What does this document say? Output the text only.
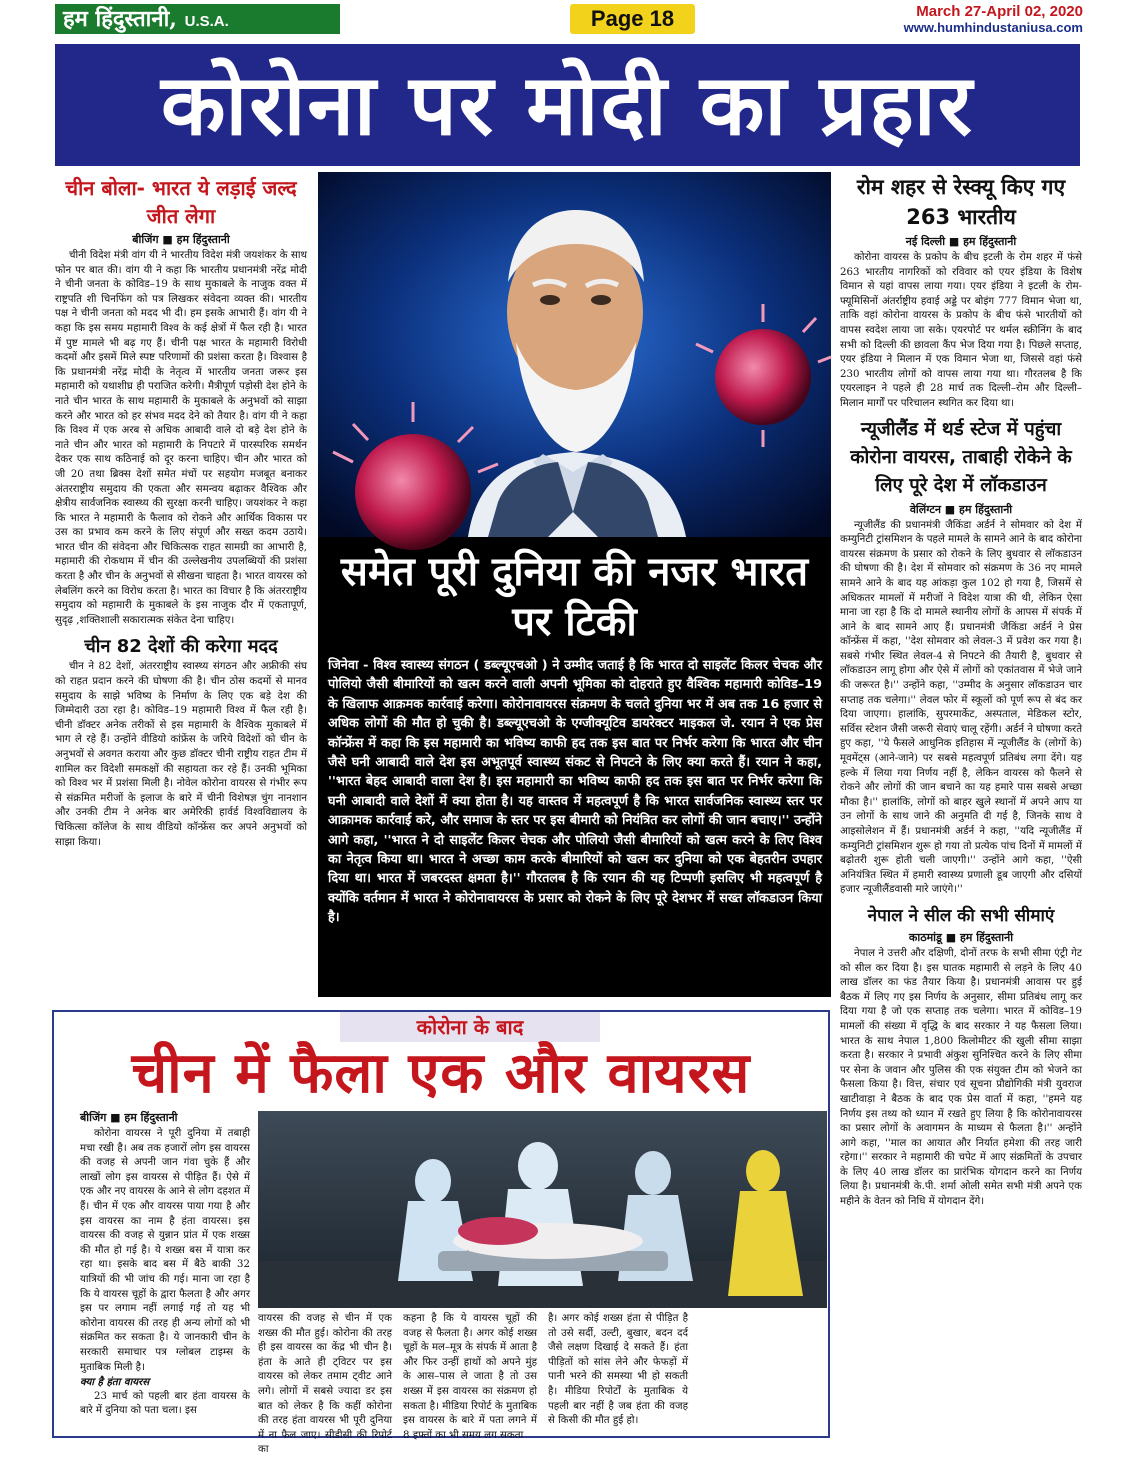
हम हिंदुस्तानी, U.S.A.	Page 18	March 27-April 02, 2020
www.humhindustaniusa.com
कोरोना पर मोदी का प्रहार
चीन बोला- भारत ये लड़ाई जल्द जीत लेगा
बीजिंग ■ हम हिंदुस्तानी
चीनी विदेश मंत्री वांग यी ने भारतीय विदेश मंत्री जयशंकर के साथ फोन पर बात की। वांग यी ने कहा कि भारतीय प्रधानमंत्री नरेंद्र मोदी ने चीनी जनता के कोविड–19 के साथ मुकाबले के नाजुक वक्त में राष्ट्रपति शी चिनफिंग को पत्र लिखकर संवेदना व्यक्त की। भारतीय पक्ष ने चीनी जनता को मदद भी दी। हम इसके आभारी हैं। वांग यी ने कहा कि इस समय महामारी विश्व के कई क्षेत्रों में फैल रही है। भारत में पुष्ट मामले भी बढ़ गए हैं। चीनी पक्ष भारत के महामारी विरोधी कदमों और इसमें मिले स्पष्ट परिणामों की प्रशंसा करता है। विश्वास है कि प्रधानमंत्री नरेंद्र मोदी के नेतृत्व में भारतीय जनता जरूर इस महामारी को यथाशीघ्र ही पराजित करेगी। मैत्रीपूर्ण पड़ोसी देश होने के नाते चीन भारत के साथ महामारी के मुकाबले के अनुभवों को साझा करने और भारत को हर संभव मदद देने को तैयार है। वांग यी ने कहा कि विश्व में एक अरब से अधिक आबादी वाले दो बड़े देश होने के नाते चीन और भारत को महामारी के निपटारे में पारस्परिक समर्थन देकर एक साथ कठिनाई को दूर करना चाहिए। चीन और भारत को जी 20 तथा ब्रिक्स देशों समेत मंचों पर सहयोग मजबूत बनाकर अंतरराष्ट्रीय समुदाय की एकता और समन्वय बढ़ाकर वैश्विक और क्षेत्रीय सार्वजनिक स्वास्थ्य की सुरक्षा करनी चाहिए। जयशंकर ने कहा कि भारत ने महामारी के फैलाव को रोकने और आर्थिक विकास पर उस का प्रभाव कम करने के लिए संपूर्ण और सख्त कदम उठाये। भारत चीन की संवेदना और चिकित्सक राहत सामग्री का आभारी है, महामारी की रोकथाम में चीन की उल्लेखनीय उपलब्धियों की प्रशंसा करता है और चीन के अनुभवों से सीखना चाहता है। भारत वायरस को लेबलिंग करने का विरोध करता है। भारत का विचार है कि अंतरराष्ट्रीय समुदाय को महामारी के मुकाबले के इस नाजुक दौर में एकतापूर्ण, सुदृढ़ ,शक्तिशाली सकारात्मक संकेत देना चाहिए।
चीन 82 देशों की करेगा मदद
चीन ने 82 देशों, अंतरराष्ट्रीय स्वास्थ्य संगठन और अफ्रीकी संघ को राहत प्रदान करने की घोषणा की है। चीन ठोस कदमों से मानव समुदाय के साझे भविष्य के निर्माण के लिए एक बड़े देश की जिम्मेदारी उठा रहा है। कोविड–19 महामारी विश्व में फैल रही है। चीनी डॉक्टर अनेक तरीकों से इस महामारी के वैश्विक मुकाबले में भाग ले रहे हैं। उन्होंने वीडियो कांफ्रेंस के जरिये विदेशों को चीन के अनुभवों से अवगत कराया और कुछ डॉक्टर चीनी राष्ट्रीय राहत टीम में शामिल कर विदेशी समकक्षों की सहायता कर रहे हैं। उनकी भूमिका को विश्व भर में प्रशंसा मिली है। नोवेल कोरोना वायरस से गंभीर रूप से संक्रमित मरीजों के इलाज के बारे में चीनी विशेषज्ञ चुंग नानशान और उनकी टीम ने अनेक बार अमेरिकी हार्वर्ड विश्वविद्यालय के चिकित्सा कॉलेज के साथ वीडियो कॉन्फ्रेंस कर अपने अनुभवों को साझा किया।
समेत पूरी दुनिया की नजर भारत पर टिकी
जिनेवा - विश्व स्वास्थ्य संगठन ( डब्ल्यूएचओ ) ने उम्मीद जताई है कि भारत दो साइलेंट किलर चेचक और पोलियो जैसी बीमारियों को खत्म करने वाली अपनी भूमिका को दोहराते हुए वैश्विक महामारी कोविड–19 के खिलाफ आक्रमक कार्रवाई करेगा। कोरोनावायरस संक्रमण के चलते दुनिया भर में अब तक 16 हजार से अधिक लोगों की मौत हो चुकी है। डब्ल्यूएचओ के एग्जीक्यूटिव डायरेक्टर माइकल जे. रयान ने एक प्रेस कॉन्फ्रेंस में कहा कि इस महामारी का भविष्य काफी हद तक इस बात पर निर्भर करेगा कि भारत और चीन जैसे घनी आबादी वाले देश इस अभूतपूर्व स्वास्थ्य संकट से निपटने के लिए क्या करते हैं। रयान ने कहा, ''भारत बेहद आबादी वाला देश है। इस महामारी का भविष्य काफी हद तक इस बात पर निर्भर करेगा कि घनी आबादी वाले देशों में क्या होता है। यह वास्तव में महत्वपूर्ण है कि भारत सार्वजनिक स्वास्थ्य स्तर पर आक्रामक कार्रवाई करे, और समाज के स्तर पर इस बीमारी को नियंत्रित कर लोगों की जान बचाए।'' उन्होंने आगे कहा, ''भारत ने दो साइलेंट किलर चेचक और पोलियो जैसी बीमारियों को खत्म करने के लिए विश्व का नेतृत्व किया था। भारत ने अच्छा काम करके बीमारियों को खत्म कर दुनिया को एक बेहतरीन उपहार दिया था। भारत में जबरदस्त क्षमता है।'' गौरतलब है कि रयान की यह टिप्पणी इसलिए भी महत्वपूर्ण है क्योंकि वर्तमान में भारत ने कोरोनावायरस के प्रसार को रोकने के लिए पूरे देशभर में सख्त लॉकडाउन किया है।
रोम शहर से रेस्क्यू किए गए 263 भारतीय
नई दिल्ली ■ हम हिंदुस्तानी
कोरोना वायरस के प्रकोप के बीच इटली के रोम शहर में फंसे 263 भारतीय नागरिकों को रविवार को एयर इंडिया के विशेष विमान से यहां वापस लाया गया। एयर इंडिया ने इटली के रोम-फ्यूमिसिनों अंतर्राष्ट्रीय हवाई अड्डे पर बोइंग 777 विमान भेजा था, ताकि वहां कोरोना वायरस के प्रकोप के बीच फंसे भारतीयों को वापस स्वदेश लाया जा सके। एयरपोर्ट पर थर्मल स्क्रीनिंग के बाद सभी को दिल्ली की छावला कैंप भेज दिया गया है। पिछले सप्ताह, एयर इंडिया ने मिलान में एक विमान भेजा था, जिससे वहां फंसे 230 भारतीय लोगों को वापस लाया गया था। गौरतलब है कि एयरलाइन ने पहले ही 28 मार्च तक दिल्ली–रोम और दिल्ली–मिलान मार्गों पर परिचालन स्थगित कर दिया था।
न्यूजीलैंड में थर्ड स्टेज में पहुंचा कोरोना वायरस, ताबाही रोकेने के लिए पूरे देश में लॉकडाउन
वेलिंग्टन ■ हम हिंदुस्तानी
न्यूजीलैंड की प्रधानमंत्री जैकिंडा अर्डर्न ने सोमवार को देश में कम्युनिटी ट्रांसमिशन के पहले मामले के सामने आने के बाद कोरोना वायरस संक्रमण के प्रसार को रोकने के लिए बुधवार से लॉकडाउन की घोषणा की है। देश में सोमवार को संक्रमण के 36 नए मामले सामने आने के बाद यह आंकड़ा कुल 102 हो गया है, जिसमें से अधिकतर मामलों में मरीजों ने विदेश यात्रा की थी, लेकिन ऐसा माना जा रहा है कि दो मामले स्थानीय लोगों के आपस में संपर्क में आने के बाद सामने आए हैं। प्रधानमंत्री जैकिंडा अर्डर्न ने प्रेस कॉन्फ्रेंस में कहा, ''देश सोमवार को लेवल-3 में प्रवेश कर गया है। सबसे गंभीर स्थित लेवल-4 से निपटने की तैयारी है, बुधवार से लॉकडाउन लागू होगा और ऐसे में लोगों को एकांतवास में भेजे जाने की जरूरत है।'' उन्होंने कहा, ''उम्मीद के अनुसार लॉकडाउन चार सप्ताह तक चलेगा।'' लेवल फोर में स्कूलों को पूर्ण रूप से बंद कर दिया जाएगा। हालांकि, सुपरमार्केट, अस्पताल, मेडिकल स्टोर, सर्विस स्टेशन जैसी जरूरी सेवाएं चालू रहेंगी। अर्डर्न ने घोषणा करते हुए कहा, ''ये फैसले आधुनिक इतिहास में न्यूजीलैंड के (लोगों के) मूवमेंट्स (आने-जाने) पर सबसे महत्वपूर्ण प्रतिबंध लगा देंगे। यह हल्के में लिया गया निर्णय नहीं है, लेकिन वायरस को फैलने से रोकने और लोगों की जान बचाने का यह हमारे पास सबसे अच्छा मौका है।'' हालांकि, लोगों को बाहर खुले स्थानों में अपने आप या उन लोगों के साथ जाने की अनुमति दी गई है, जिनके साथ वे आइसोलेशन में हैं। प्रधानमंत्री अर्डर्न ने कहा, ''यदि न्यूजीलैंड में कम्युनिटी ट्रांसमिशन शुरू हो गया तो प्रत्येक पांच दिनों में मामलों में बढ़ोतरी शुरू होती चली जाएगी।'' उन्होंने आगे कहा, ''ऐसी अनियंत्रित स्थित में हमारी स्वास्थ्य प्रणाली डूब जाएगी और दसियों हजार न्यूजीलैंडवासी मारे जाएंगे।''
नेपाल ने सील की सभी सीमाएं
काठमांडू ■ हम हिंदुस्तानी
नेपाल ने उत्तरी और दक्षिणी, दोनों तरफ के सभी सीमा एंट्री गेट को सील कर दिया है। इस घातक महामारी से लड़ने के लिए 40 लाख डॉलर का फंड तैयार किया है। प्रधानमंत्री आवास पर हुई बैठक में लिए गए इस निर्णय के अनुसार, सीमा प्रतिबंध लागू कर दिया गया है जो एक सप्ताह तक चलेगा। भारत में कोविड–19 मामलों की संख्या में वृद्धि के बाद सरकार ने यह फैसला लिया। भारत के साथ नेपाल 1,800 किलोमीटर की खुली सीमा साझा करता है। सरकार ने प्रभावी अंकुश सुनिश्चित करने के लिए सीमा पर सेना के जवान और पुलिस की एक संयुक्त टीम को भेजने का फैसला किया है। वित्त, संचार एवं सूचना प्रौद्योगिकी मंत्री युवराज खाटीवाड़ा ने बैठक के बाद एक प्रेस वार्ता में कहा, ''हमने यह निर्णय इस तथ्य को ध्यान में रखते हुए लिया है कि कोरोनावायरस का प्रसार लोगों के अवागमन के माध्यम से फैलता है।'' अन्होंने आगे कहा, ''माल का आयात और निर्यात हमेशा की तरह जारी रहेगा।'' सरकार ने महामारी की चपेट में आए संक्रमितों के उपचार के लिए 40 लाख डॉलर का प्रारंभिक योगदान करने का निर्णय लिया है। प्रधानमंत्री के.पी. शर्मा ओली समेत सभी मंत्री अपने एक महीने के वेतन को निधि में योगदान देंगे।
कोरोना के बाद
चीन में फैला एक और वायरस
बीजिंग ■ हम हिंदुस्तानी
कोरोना वायरस ने पूरी दुनिया में तबाही मचा रखी है। अब तक हजारों लोग इस वायरस की वजह से अपनी जान गंवा चुके हैं और लाखों लोग इस वायरस से पीड़ित हैं। ऐसे में एक और नए वायरस के आने से लोग दहशत में हैं। चीन में एक और वायरस पाया गया है और इस वायरस का नाम है हंता वायरस। इस वायरस की वजह से युन्नान प्रांत में एक शख्स की मौत हो गई है। ये शख्स बस में यात्रा कर रहा था। इसके बाद बस में बैठे बाकी 32 यात्रियों की भी जांच की गई। माना जा रहा है कि ये वायरस चूहों के द्वारा फैलता है और अगर इस पर लगाम नहीं लगाई गई तो यह भी कोरोना वायरस की तरह ही अन्य लोगों को भी संक्रमित कर सकता है। ये जानकारी चीन के सरकारी समाचार पत्र ग्लोबल टाइम्स के मुताबिक मिली है।
क्या है हंता वायरस
23 मार्च को पहली बार हंता वायरस के बारे में दुनिया को पता चला। इस
वायरस की वजह से चीन में एक शख्स की मौत हुई। कोरोना की तरह ही इस वायरस का केंद्र भी चीन है। हंता के आते ही ट्विटर पर इस वायरस को लेकर तमाम ट्वीट आने लगे। लोगों में सबसे ज्यादा डर इस बात को लेकर है कि कहीं कोरोना की तरह हंता वायरस भी पूरी दुनिया में ना फैल जाए। सीडीसी की रिपोर्ट का
कहना है कि ये वायरस चूहों की वजह से फैलता है। अगर कोई शख्स चूहों के मल–मूत्र के संपर्क में आता है और फिर उन्हीं हाथों को अपने मुंह के आस–पास ले जाता है तो उस शख्स में इस वायरस का संक्रमण हो सकता है। मीडिया रिपोर्ट के मुताबिक इस वायरस के बारे में पता लगने में 8 हफ्तों का भी समय लग सकता
है। अगर कोई शख्स हंता से पीड़ित है तो उसे सर्दी, उल्टी, बुखार, बदन दर्द जैसे लक्षण दिखाई दे सकते हैं। हंता पीड़ितों को सांस लेने और फेफड़ों में पानी भरने की समस्या भी हो सकती है। मीडिया रिपोर्टों के मुताबिक ये पहली बार नहीं है जब हंता की वजह से किसी की मौत हुई हो।
